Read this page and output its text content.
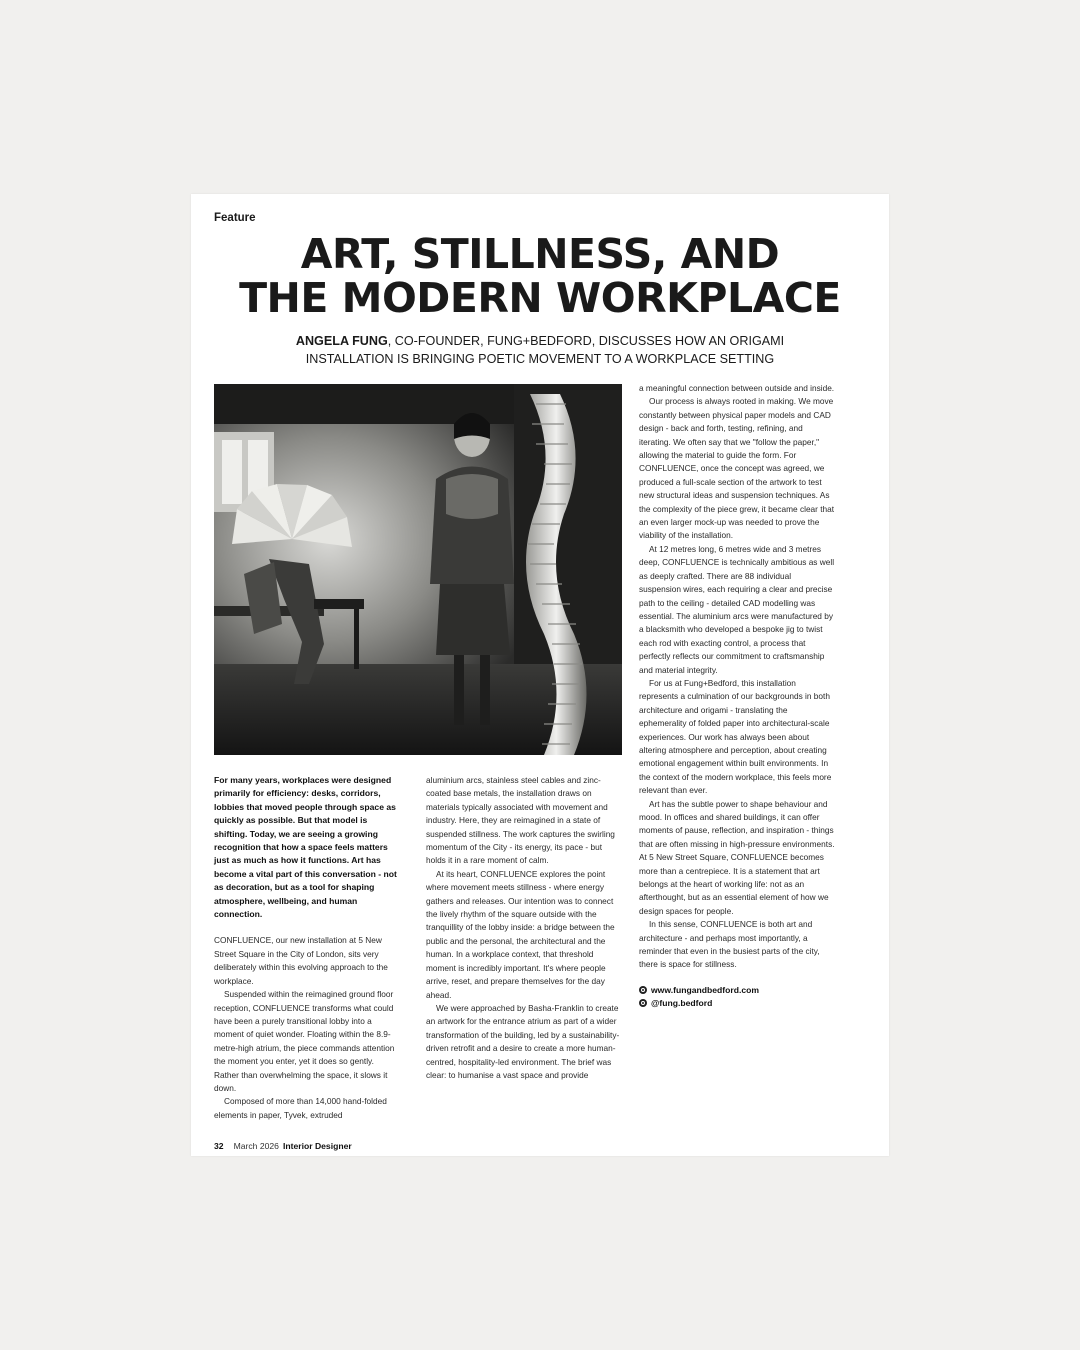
Feature
ART, STILLNESS, AND
THE MODERN WORKPLACE
ANGELA FUNG, CO-FOUNDER, FUNG+BEDFORD, DISCUSSES HOW AN ORIGAMI INSTALLATION IS BRINGING POETIC MOVEMENT TO A WORKPLACE SETTING

For many years, workplaces were designed primarily for efficiency: desks, corridors, lobbies that moved people through space as quickly as possible. But that model is shifting. Today, we are seeing a growing recognition that how a space feels matters just as much as how it functions. Art has become a vital part of this conversation - not as decoration, but as a tool for shaping atmosphere, wellbeing, and human connection.

CONFLUENCE, our new installation at 5 New Street Square in the City of London, sits very deliberately within this evolving approach to the workplace.

Suspended within the reimagined ground floor reception, CONFLUENCE transforms what could have been a purely transitional lobby into a moment of quiet wonder. Floating within the 8.9-metre-high atrium, the piece commands attention the moment you enter, yet it does so gently. Rather than overwhelming the space, it slows it down.

Composed of more than 14,000 hand-folded elements in paper, Tyvek, extruded

aluminium arcs, stainless steel cables and zinc-coated base metals, the installation draws on materials typically associated with movement and industry. Here, they are reimagined in a state of suspended stillness. The work captures the swirling momentum of the City - its energy, its pace - but holds it in a rare moment of calm.

At its heart, CONFLUENCE explores the point where movement meets stillness - where energy gathers and releases. Our intention was to connect the lively rhythm of the square outside with the tranquillity of the lobby inside: a bridge between the public and the personal, the architectural and the human. In a workplace context, that threshold moment is incredibly important. It's where people arrive, reset, and prepare themselves for the day ahead.

We were approached by Basha-Franklin to create an artwork for the entrance atrium as part of a wider transformation of the building, led by a sustainability-driven retrofit and a desire to create a more human-centred, hospitality-led environment. The brief was clear: to humanise a vast space and provide

a meaningful connection between outside and inside.

Our process is always rooted in making. We move constantly between physical paper models and CAD design - back and forth, testing, refining, and iterating. We often say that we "follow the paper," allowing the material to guide the form. For CONFLUENCE, once the concept was agreed, we produced a full-scale section of the artwork to test new structural ideas and suspension techniques. As the complexity of the piece grew, it became clear that an even larger mock-up was needed to prove the viability of the installation.

At 12 metres long, 6 metres wide and 3 metres deep, CONFLUENCE is technically ambitious as well as deeply crafted. There are 88 individual suspension wires, each requiring a clear and precise path to the ceiling - detailed CAD modelling was essential. The aluminium arcs were manufactured by a blacksmith who developed a bespoke jig to twist each rod with exacting control, a process that perfectly reflects our commitment to craftsmanship and material integrity.

For us at Fung+Bedford, this installation represents a culmination of our backgrounds in both architecture and origami - translating the ephemerality of folded paper into architectural-scale experiences. Our work has always been about altering atmosphere and perception, about creating emotional engagement within built environments. In the context of the modern workplace, this feels more relevant than ever.

Art has the subtle power to shape behaviour and mood. In offices and shared buildings, it can offer moments of pause, reflection, and inspiration - things that are often missing in high-pressure environments. At 5 New Street Square, CONFLUENCE becomes more than a centrepiece. It is a statement that art belongs at the heart of working life: not as an afterthought, but as an essential element of how we design spaces for people.

In this sense, CONFLUENCE is both art and architecture - and perhaps most importantly, a reminder that even in the busiest parts of the city, there is space for stillness.

www.fungandbedford.com
@fung.bedford
32 March 2026 Interior Designer
